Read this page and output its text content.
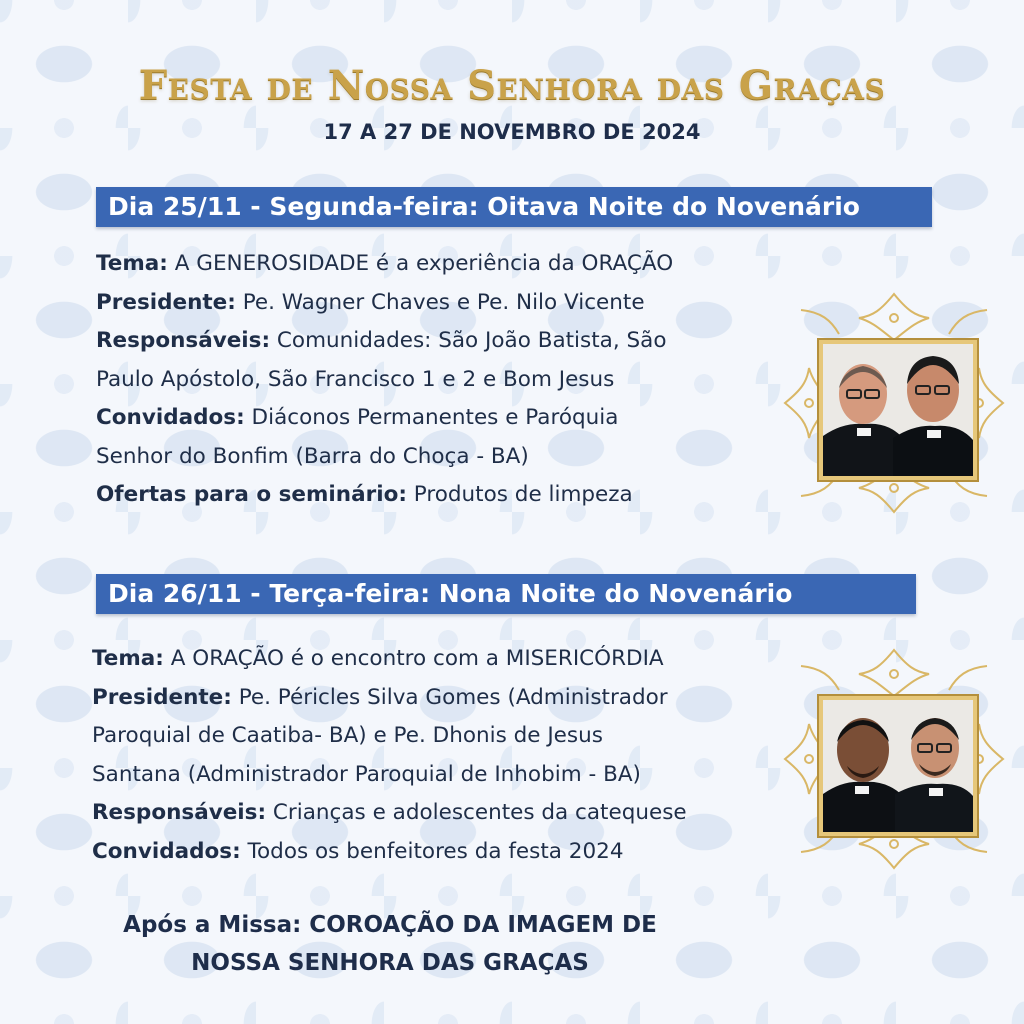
Festa de Nossa Senhora das Graças
17 A 27 DE NOVEMBRO DE 2024
Dia 25/11 - Segunda-feira: Oitava Noite do Novenário
Tema: A GENEROSIDADE é a experiência da ORAÇÃO
Presidente: Pe. Wagner Chaves e Pe. Nilo Vicente
Responsáveis: Comunidades: São João Batista, São
Paulo Apóstolo, São Francisco 1 e 2 e Bom Jesus
Convidados: Diáconos Permanentes e Paróquia
Senhor do Bonfim (Barra do Choça - BA)
Ofertas para o seminário: Produtos de limpeza
Dia 26/11 - Terça-feira: Nona Noite do Novenário
Tema: A ORAÇÃO é o encontro com a MISERICÓRDIA
Presidente: Pe. Péricles Silva Gomes (Administrador
Paroquial de Caatiba- BA) e Pe. Dhonis de Jesus
Santana (Administrador Paroquial de Inhobim - BA)
Responsáveis: Crianças e adolescentes da catequese
Convidados: Todos os benfeitores da festa 2024
Após a Missa: COROAÇÃO DA IMAGEM DE
NOSSA SENHORA DAS GRAÇAS
